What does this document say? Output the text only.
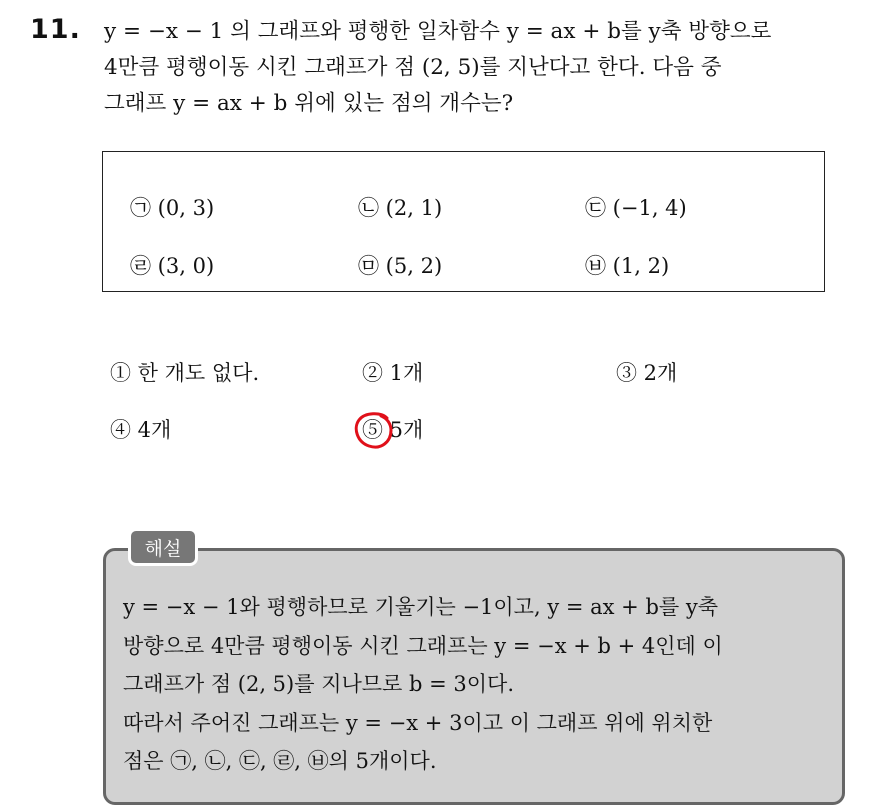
11. y = −x − 1 의 그래프와 평행한 일차함수 y = ax + b를 y축 방향으로
4만큼 평행이동 시킨 그래프가 점 (2, 5)를 지난다고 한다. 다음 중
그래프 y = ax + b 위에 있는 점의 개수는?
㉠ (0, 3)	㉡ (2, 1)	㉢ (−1, 4)
㉣ (3, 0)	㉤ (5, 2)	㉥ (1, 2)
① 한 개도 없다.	② 1개	③ 2개
④ 4개	⑤ 5개
해설
y = −x − 1와 평행하므로 기울기는 −1이고, y = ax + b를 y축
방향으로 4만큼 평행이동 시킨 그래프는 y = −x + b + 4인데 이
그래프가 점 (2, 5)를 지나므로 b = 3이다.
따라서 주어진 그래프는 y = −x + 3이고 이 그래프 위에 위치한
점은 ㉠, ㉡, ㉢, ㉣, ㉥의 5개이다.
